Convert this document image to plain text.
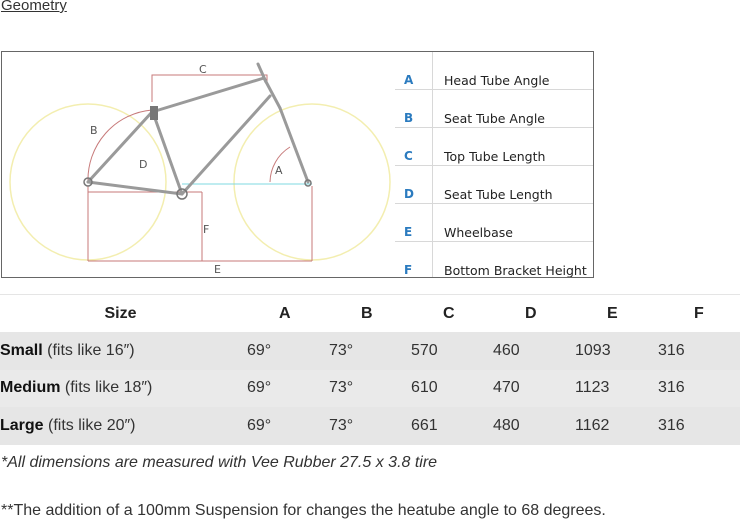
Geometry
C
B
D	A
F
E
A Head Tube Angle
B Seat Tube Angle
C Top Tube Length
D Seat Tube Length
E	Wheelbase
F	Bottom Bracket Height
Size	A	B	C	D	E	F
Small (fits like 16″)	69°	73°	570	460	1093	316
Medium (fits like 18″)	69°	73°	610	470	1123	316
Large (fits like 20″)	69°	73°	661	480	1162	316
*All dimensions are measured with Vee Rubber 27.5 x 3.8 tire
**The addition of a 100mm Suspension for changes the heatube angle to 68 degrees.
